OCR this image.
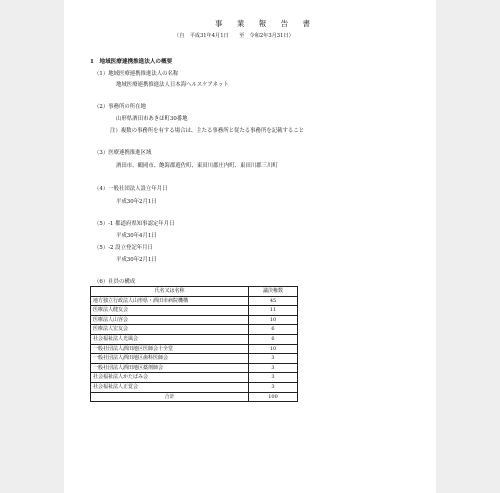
事 業 報 告 書
（自　平成31年4月1日　　至　令和2年3月31日）
1　地域医療連携推進法人の概要
（1）地域医療連携推進法人の名称
地域医療連携推進法人日本海ヘルスケアネット
（2）事務所の所在地
山形県酒田市あきほ町30番地
注）複数の事務所を有する場合は、主たる事務所と従たる事務所を記載すること
（3）医療連携推進区域
酒田市、鶴岡市、飽海郡遊佐町、東田川郡庄内町、東田川郡三川町
（4）一般社団法人設立年月日
平成30年2月1日
（5）-1 都道府県知事認定年月日
平成30年4月1日
（5）-2 設立登記年月日
平成30年2月1日
（6）社員の構成
氏名又は名称	議決権数
地方独立行政法人山形県・酒田市病院機構	45
医療法人健友会	11
医療法人山容会	10
医療法人宏友会	6
社会福祉法人光風会	6
一般社団法人酒田地区医師会十全堂	10
一般社団法人酒田地区歯科医師会	3
一般社団法人酒田地区薬剤師会	3
社会福祉法人かたばみ会	3
社会福祉法人正覚会	3
合計	100
